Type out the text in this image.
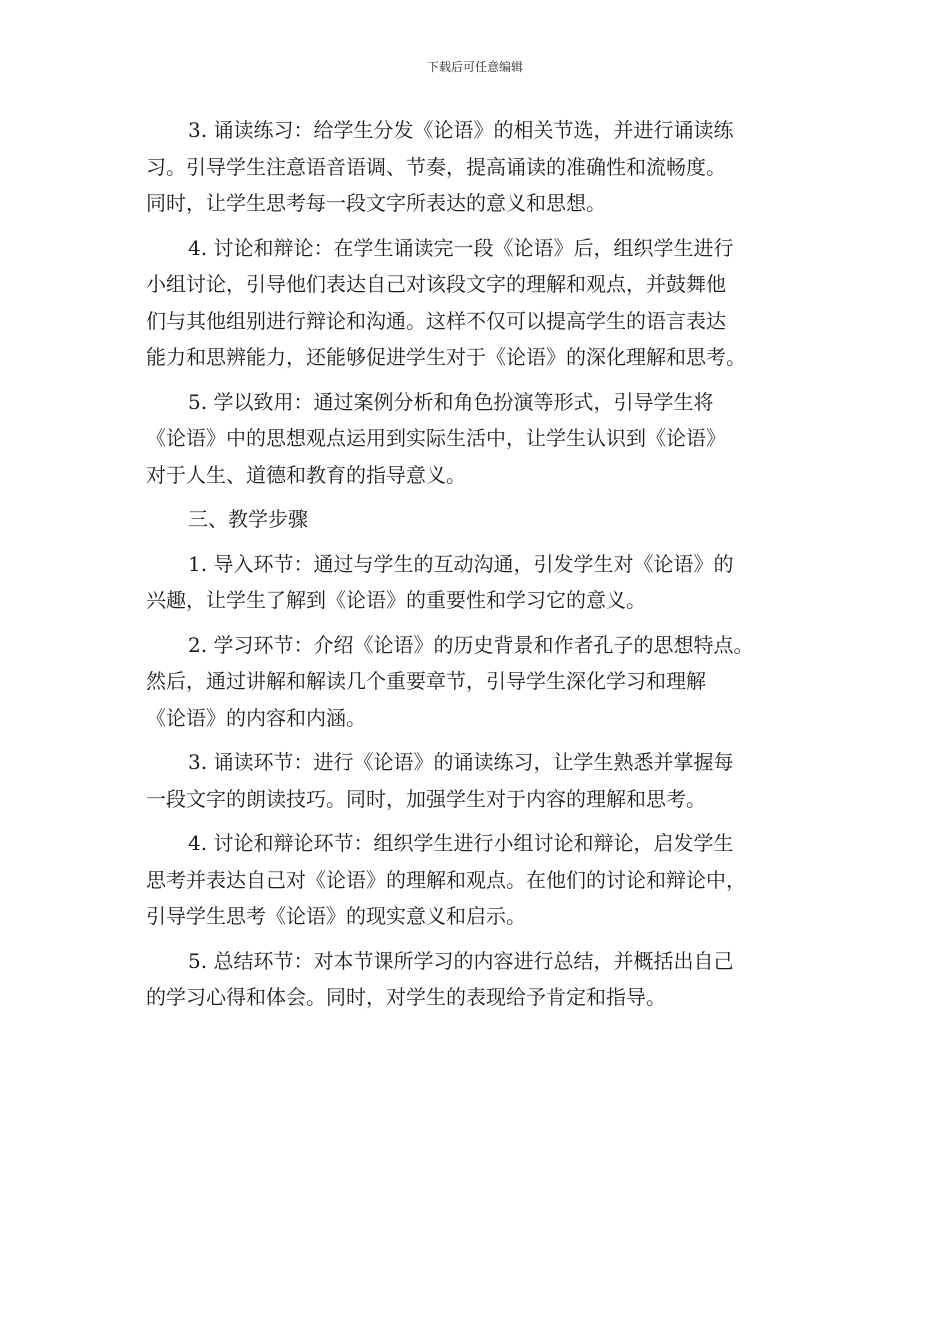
下载后可任意编辑
3. 诵读练习：给学生分发《论语》的相关节选，并进行诵读练
习。引导学生注意语音语调、节奏，提高诵读的准确性和流畅度。
同时，让学生思考每一段文字所表达的意义和思想。
4. 讨论和辩论：在学生诵读完一段《论语》后，组织学生进行
小组讨论，引导他们表达自己对该段文字的理解和观点，并鼓舞他
们与其他组别进行辩论和沟通。这样不仅可以提高学生的语言表达
能力和思辨能力，还能够促进学生对于《论语》的深化理解和思考。
5. 学以致用：通过案例分析和角色扮演等形式，引导学生将
《论语》中的思想观点运用到实际生活中，让学生认识到《论语》
对于人生、道德和教育的指导意义。
三、教学步骤
1. 导入环节：通过与学生的互动沟通，引发学生对《论语》的
兴趣，让学生了解到《论语》的重要性和学习它的意义。
2. 学习环节：介绍《论语》的历史背景和作者孔子的思想特点。
然后，通过讲解和解读几个重要章节，引导学生深化学习和理解
《论语》的内容和内涵。
3. 诵读环节：进行《论语》的诵读练习，让学生熟悉并掌握每
一段文字的朗读技巧。同时，加强学生对于内容的理解和思考。
4. 讨论和辩论环节：组织学生进行小组讨论和辩论，启发学生
思考并表达自己对《论语》的理解和观点。在他们的讨论和辩论中，
引导学生思考《论语》的现实意义和启示。
5. 总结环节：对本节课所学习的内容进行总结，并概括出自己
的学习心得和体会。同时，对学生的表现给予肯定和指导。
